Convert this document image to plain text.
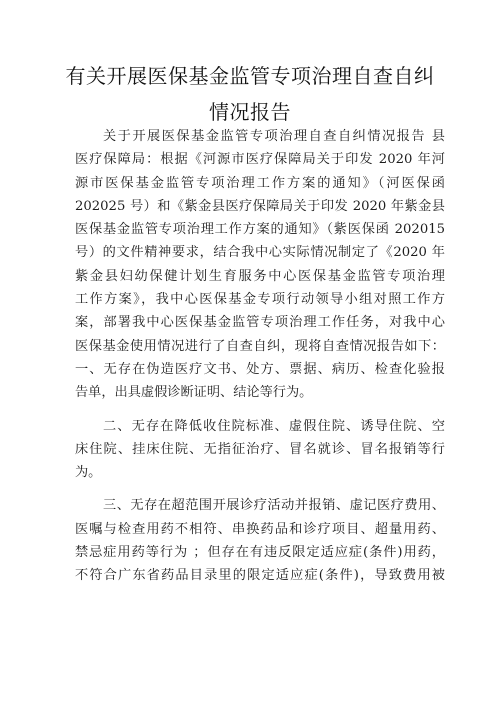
有关开展医保基金监管专项治理自查自纠
情况报告
关于开展医保基金监管专项治理自查自纠情况报告 县
医疗保障局：根据《河源市医疗保障局关于印发 2020 年河
源市医保基金监管专项治理工作方案的通知》（河医保函
202025 号）和《紫金县医疗保障局关于印发 2020 年紫金县
医保基金监管专项治理工作方案的通知》（紫医保函 202015
号）的文件精神要求，结合我中心实际情况制定了《2020 年
紫金县妇幼保健计划生育服务中心医保基金监管专项治理
工作方案》，我中心医保基金专项行动领导小组对照工作方
案，部署我中心医保基金监管专项治理工作任务，对我中心
医保基金使用情况进行了自查自纠，现将自查情况报告如下：
一、无存在伪造医疗文书、处方、票据、病历、检查化验报
告单，出具虚假诊断证明、结论等行为。
二、无存在降低收住院标准、虚假住院、诱导住院、空
床住院、挂床住院、无指征治疗、冒名就诊、冒名报销等行
为。
三、无存在超范围开展诊疗活动并报销、虚记医疗费用、
医嘱与检查用药不相符、串换药品和诊疗项目、超量用药、
禁忌症用药等行为 ；但存在有违反限定适应症(条件)用药，
不符合广东省药品目录里的限定适应症(条件)，导致费用被
